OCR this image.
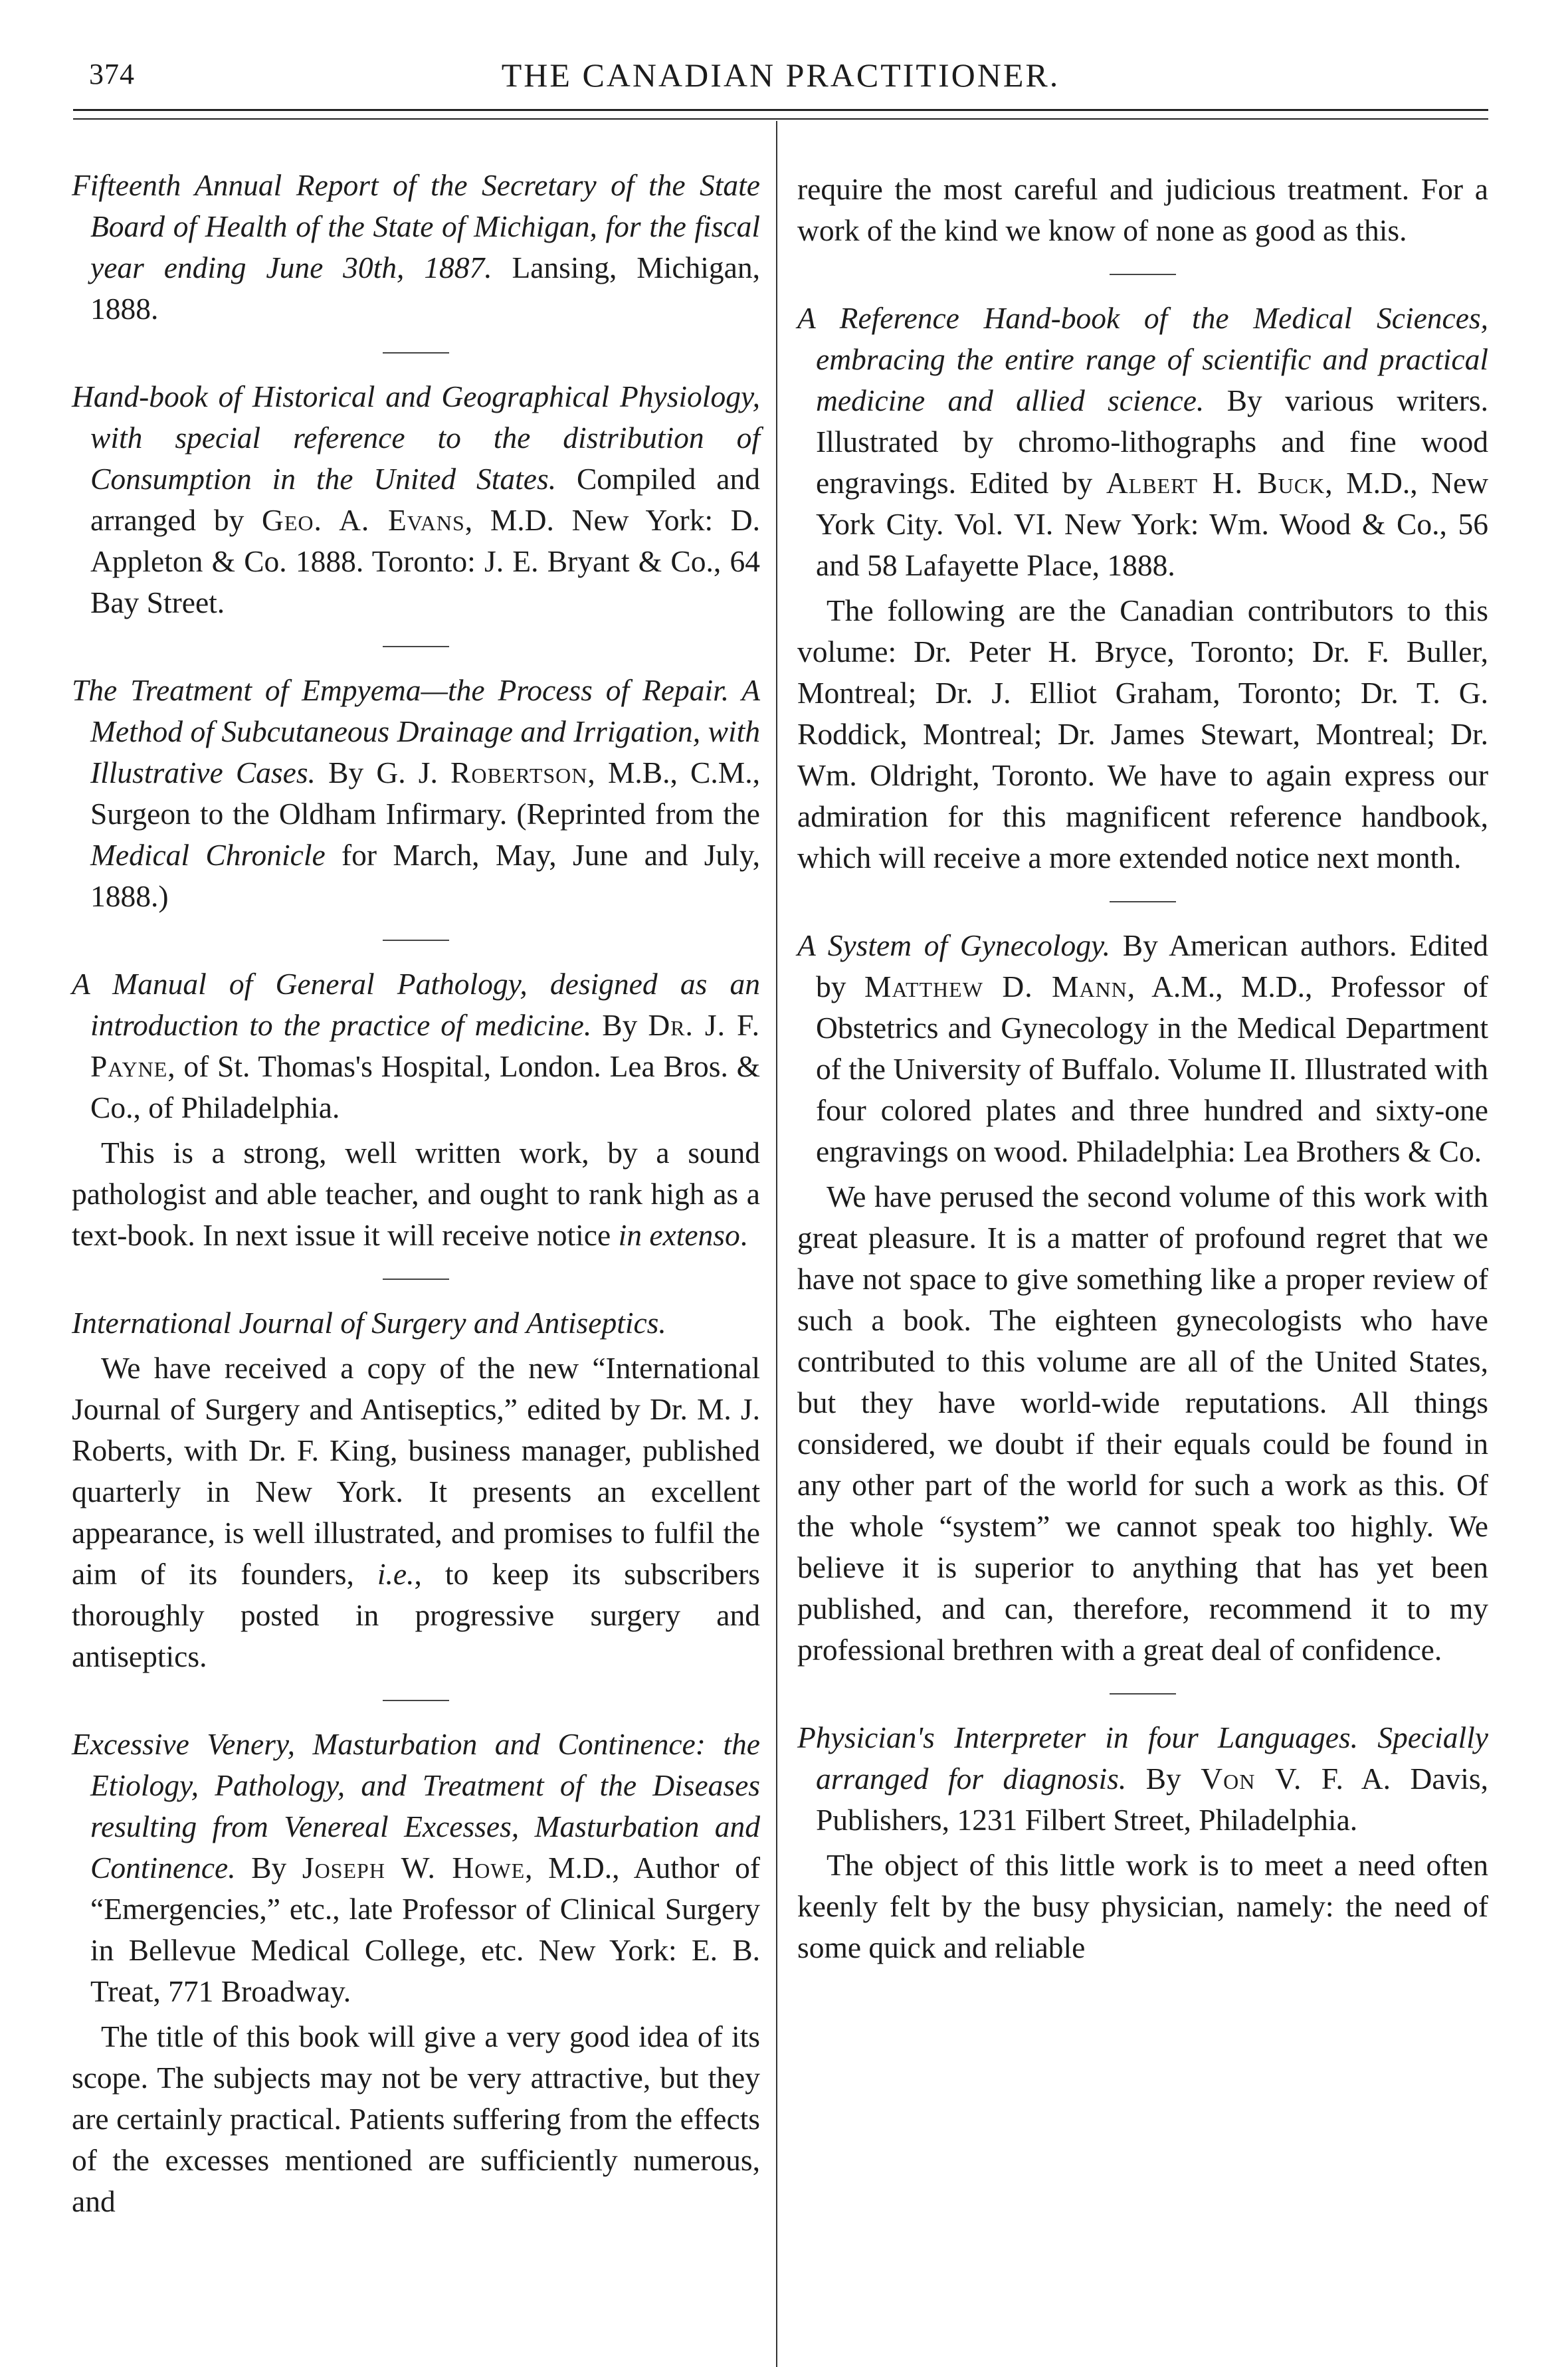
374	THE CANADIAN PRACTITIONER.

Fifteenth Annual Report of the Secretary of the State Board of Health of the State of Michigan, for the fiscal year ending June 30th, 1887. Lansing, Michigan, 1888.

Hand-book of Historical and Geographical Physiology, with special reference to the distribution of Consumption in the United States. Compiled and arranged by Geo. A. Evans, M.D. New York: D. Appleton & Co. 1888. Toronto: J. E. Bryant & Co., 64 Bay Street.

The Treatment of Empyema—the Process of Repair. A Method of Subcutaneous Drainage and Irrigation, with Illustrative Cases. By G. J. Robertson, M.B., C.M., Surgeon to the Oldham Infirmary. (Reprinted from the Medical Chronicle for March, May, June and July, 1888.)

A Manual of General Pathology, designed as an introduction to the practice of medicine. By Dr. J. F. Payne, of St. Thomas's Hospital, London. Lea Bros. & Co., of Philadelphia.

This is a strong, well written work, by a sound pathologist and able teacher, and ought to rank high as a text-book. In next issue it will receive notice in extenso.

International Journal of Surgery and Antiseptics.

We have received a copy of the new “International Journal of Surgery and Antiseptics,” edited by Dr. M. J. Roberts, with Dr. F. King, business manager, published quarterly in New York. It presents an excellent appearance, is well illustrated, and promises to fulfil the aim of its founders, i.e., to keep its subscribers thoroughly posted in progressive surgery and antiseptics.

Excessive Venery, Masturbation and Continence: the Etiology, Pathology, and Treatment of the Diseases resulting from Venereal Excesses, Masturbation and Continence. By Joseph W. Howe, M.D., Author of “Emergencies,” etc., late Professor of Clinical Surgery in Bellevue Medical College, etc. New York: E. B. Treat, 771 Broadway.

The title of this book will give a very good idea of its scope. The subjects may not be very attractive, but they are certainly practical. Patients suffering from the effects of the excesses mentioned are sufficiently numerous, and

require the most careful and judicious treatment. For a work of the kind we know of none as good as this.

A Reference Hand-book of the Medical Sciences, embracing the entire range of scientific and practical medicine and allied science. By various writers. Illustrated by chromo-lithographs and fine wood engravings. Edited by Albert H. Buck, M.D., New York City. Vol. VI. New York: Wm. Wood & Co., 56 and 58 Lafayette Place, 1888.

The following are the Canadian contributors to this volume: Dr. Peter H. Bryce, Toronto; Dr. F. Buller, Montreal; Dr. J. Elliot Graham, Toronto; Dr. T. G. Roddick, Montreal; Dr. James Stewart, Montreal; Dr. Wm. Oldright, Toronto. We have to again express our admiration for this magnificent reference handbook, which will receive a more extended notice next month.

A System of Gynecology. By American authors. Edited by Matthew D. Mann, A.M., M.D., Professor of Obstetrics and Gynecology in the Medical Department of the University of Buffalo. Volume II. Illustrated with four colored plates and three hundred and sixty-one engravings on wood. Philadelphia: Lea Brothers & Co.

We have perused the second volume of this work with great pleasure. It is a matter of profound regret that we have not space to give something like a proper review of such a book. The eighteen gynecologists who have contributed to this volume are all of the United States, but they have world-wide reputations. All things considered, we doubt if their equals could be found in any other part of the world for such a work as this. Of the whole “system” we cannot speak too highly. We believe it is superior to anything that has yet been published, and can, therefore, recommend it to my professional brethren with a great deal of confidence.

Physician's Interpreter in four Languages. Specially arranged for diagnosis. By Von V. F. A. Davis, Publishers, 1231 Filbert Street, Philadelphia.

The object of this little work is to meet a need often keenly felt by the busy physician, namely: the need of some quick and reliable
